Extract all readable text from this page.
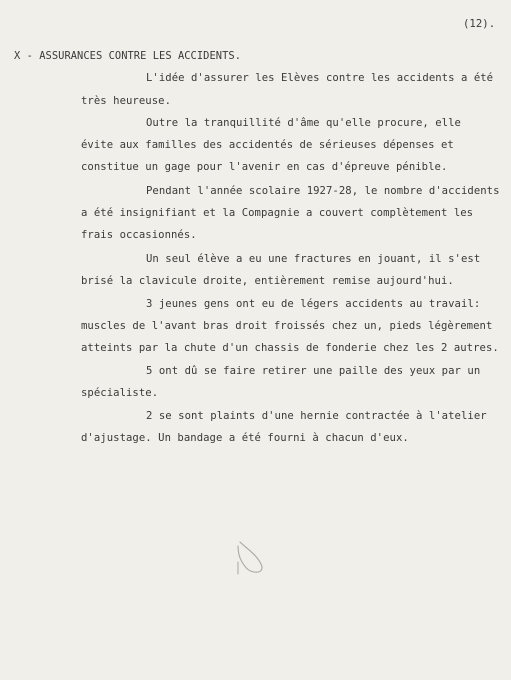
(12).
X - ASSURANCES CONTRE LES ACCIDENTS.
L'idée d'assurer les Elèves contre les accidents a été
très heureuse.
Outre la tranquillité d'âme qu'elle procure, elle
évite aux familles des accidentés de sérieuses dépenses et
constitue un gage pour l'avenir en cas d'épreuve pénible.
Pendant l'année scolaire 1927-28, le nombre d'accidents
a été insignifiant et la Compagnie a couvert complètement les
frais occasionnés.
Un seul élève a eu une fractures en jouant, il s'est
brisé la clavicule droite, entièrement remise aujourd'hui.
3 jeunes gens ont eu de légers accidents au travail:
muscles de l'avant bras droit froissés chez un, pieds légèrement
atteints par la chute d'un chassis de fonderie chez les 2 autres.
5 ont dû se faire retirer une paille des yeux par un
spécialiste.
2 se sont plaints d'une hernie contractée à l'atelier
d'ajustage. Un bandage a été fourni à chacun d'eux.
